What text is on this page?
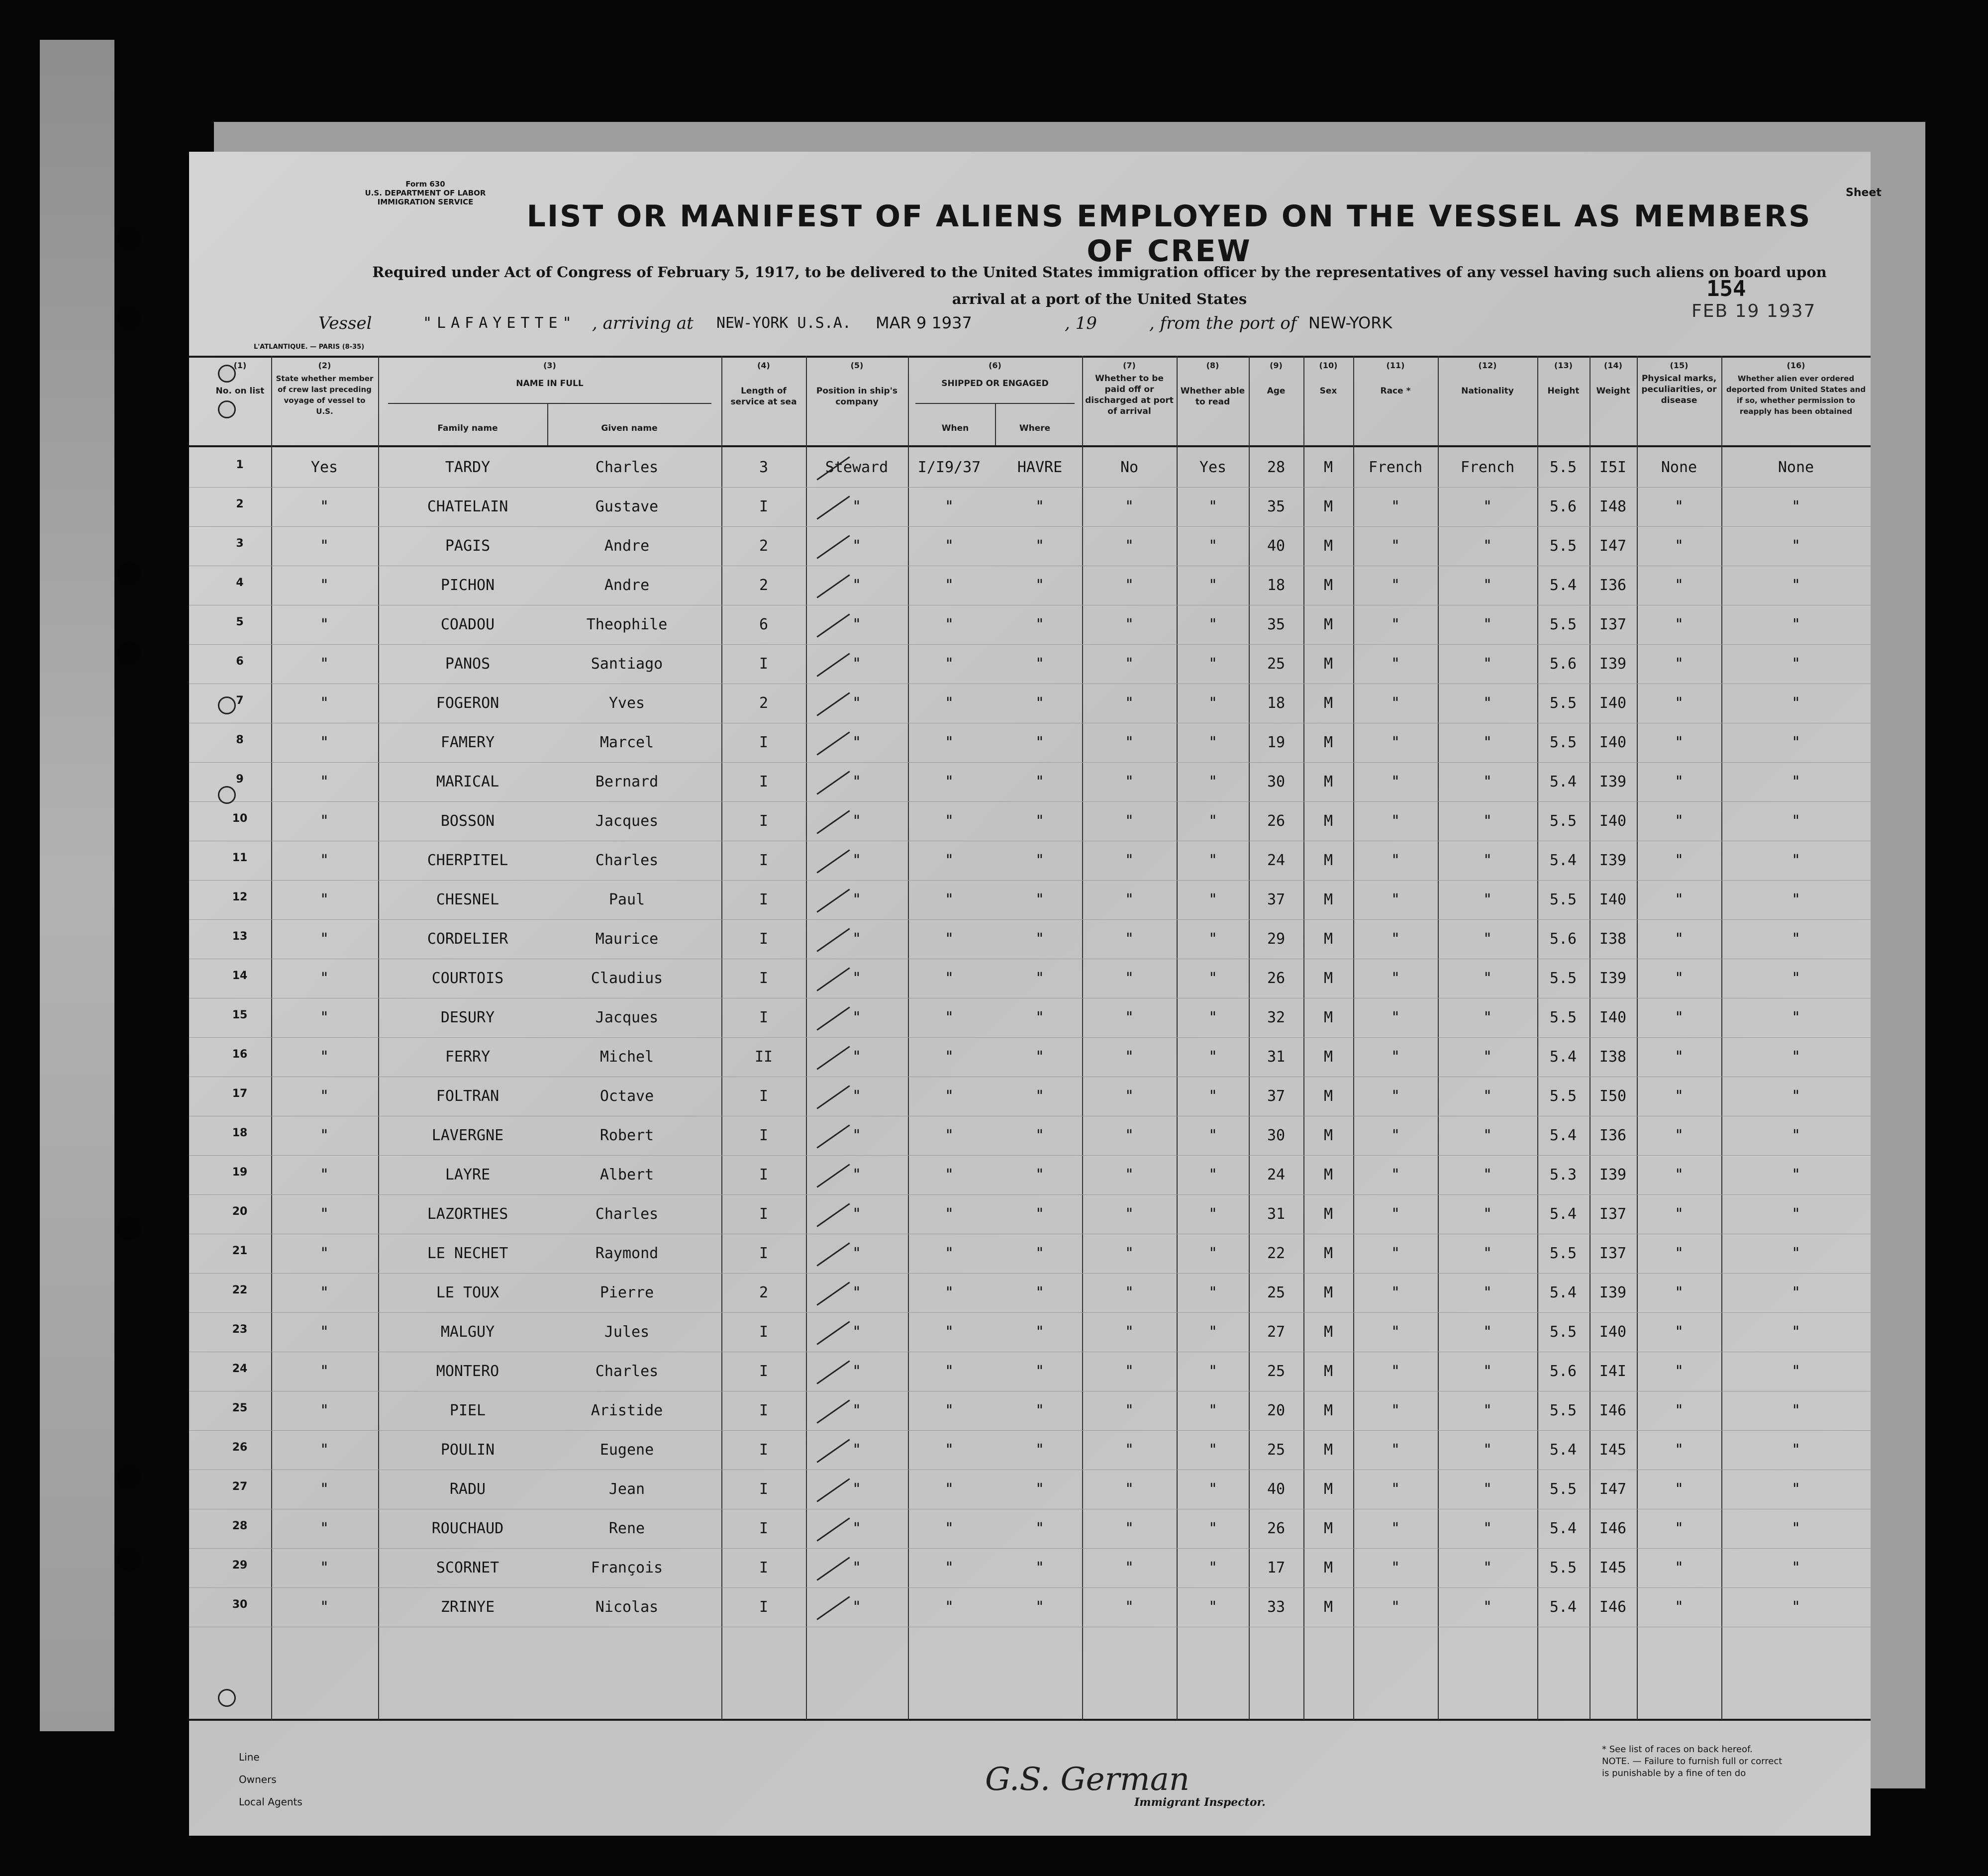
Form 630
U.S. DEPARTMENT OF LABOR
IMMIGRATION SERVICE	LIST OR MANIFEST OF ALIENS EMPLOYED ON THE VESSEL AS MEMBERS OF CREW
Required under Act of Congress of February 5, 1917, to be delivered to the United States immigration officer by the representatives of any vessel having such aliens on board upon arrival at a port of the United States	154
Sheet
FEB 19 1937
Vessel	"LAFAYETTE" , arriving at NEW-YORK U.S.A. MAR 9 1937	, 19	, from the port of NEW-YORK
L'ATLANTIQUE. — PARIS (8-35)
(1)
No. on list
(2)
State whether member of crew last preceding voyage of vessel to U.S.
(3)
NAME IN FULL
(4)
Length of service at sea
(5)
Position in ship's company
(6)
SHIPPED OR ENGAGED
(7)
Whether to be paid off or discharged at port of arrival
(8)
Whether able to read
(9)
Age
(10)
Sex
(11)
Race *
(12)
Nationality
(13)
Height
(14)
Weight
(15)
Physical marks, peculiarities, or disease
(16)
Whether alien ever ordered deported from United States and if so, whether permission to reapply has been obtained
Family name	Given name	When	Where
1	Yes	TARDY	Charles	3	Steward	I/I9/37	HAVRE	No	Yes	28	M	French	French	5.5	I5I	None	None
2	"	CHATELAIN	Gustave	I	"	"	"	"	"	35	M	"	"	5.6	I48	"	"
3	"	PAGIS	Andre	2	"	"	"	"	"	40	M	"	"	5.5	I47	"	"
4	"	PICHON	Andre	2	"	"	"	"	"	18	M	"	"	5.4	I36	"	"
5	"	COADOU	Theophile	6	"	"	"	"	"	35	M	"	"	5.5	I37	"	"
6	"	PANOS	Santiago	I	"	"	"	"	"	25	M	"	"	5.6	I39	"	"
7	"	FOGERON	Yves	2	"	"	"	"	"	18	M	"	"	5.5	I40	"	"
8	"	FAMERY	Marcel	I	"	"	"	"	"	19	M	"	"	5.5	I40	"	"
9	"	MARICAL	Bernard	I	"	"	"	"	"	30	M	"	"	5.4	I39	"	"
10	"	BOSSON	Jacques	I	"	"	"	"	"	26	M	"	"	5.5	I40	"	"
11	"	CHERPITEL	Charles	I	"	"	"	"	"	24	M	"	"	5.4	I39	"	"
12	"	CHESNEL	Paul	I	"	"	"	"	"	37	M	"	"	5.5	I40	"	"
13	"	CORDELIER	Maurice	I	"	"	"	"	"	29	M	"	"	5.6	I38	"	"
14	"	COURTOIS	Claudius	I	"	"	"	"	"	26	M	"	"	5.5	I39	"	"
15	"	DESURY	Jacques	I	"	"	"	"	"	32	M	"	"	5.5	I40	"	"
16	"	FERRY	Michel	II	"	"	"	"	"	31	M	"	"	5.4	I38	"	"
17	"	FOLTRAN	Octave	I	"	"	"	"	"	37	M	"	"	5.5	I50	"	"
18	"	LAVERGNE	Robert	I	"	"	"	"	"	30	M	"	"	5.4	I36	"	"
19	"	LAYRE	Albert	I	"	"	"	"	"	24	M	"	"	5.3	I39	"	"
20	"	LAZORTHES	Charles	I	"	"	"	"	"	31	M	"	"	5.4	I37	"	"
21	"	LE NECHET	Raymond	I	"	"	"	"	"	22	M	"	"	5.5	I37	"	"
22	"	LE TOUX	Pierre	2	"	"	"	"	"	25	M	"	"	5.4	I39	"	"
23	"	MALGUY	Jules	I	"	"	"	"	"	27	M	"	"	5.5	I40	"	"
24	"	MONTERO	Charles	I	"	"	"	"	"	25	M	"	"	5.6	I4I	"	"
25	"	PIEL	Aristide	I	"	"	"	"	"	20	M	"	"	5.5	I46	"	"
26	"	POULIN	Eugene	I	"	"	"	"	"	25	M	"	"	5.4	I45	"	"
27	"	RADU	Jean	I	"	"	"	"	"	40	M	"	"	5.5	I47	"	"
28	"	ROUCHAUD	Rene	I	"	"	"	"	"	26	M	"	"	5.4	I46	"	"
29	"	SCORNET	François	I	"	"	"	"	"	17	M	"	"	5.5	I45	"	"
30	"	ZRINYE	Nicolas	I	"	"	"	"	"	33	M	"	"	5.4	I46	"	"
Line
Owners
Local Agents
G.S. German
Immigrant Inspector.
* See list of races on back hereof.
NOTE. — Failure to furnish full or correct
is punishable by a fine of ten do
